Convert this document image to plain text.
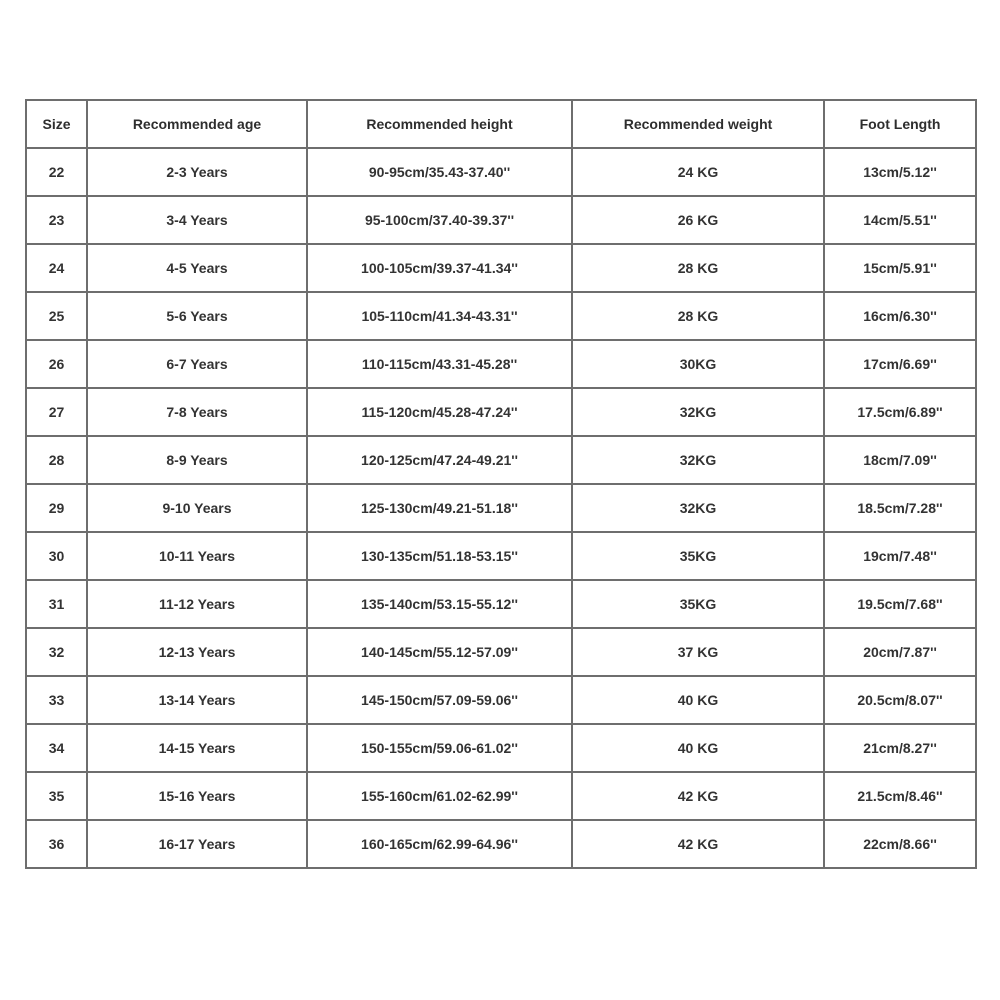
Size	Recommended age	Recommended height	Recommended weight	Foot Length
22	2-3 Years	90-95cm/35.43-37.40''	24 KG	13cm/5.12''
23	3-4 Years	95-100cm/37.40-39.37''	26 KG	14cm/5.51''
24	4-5 Years	100-105cm/39.37-41.34''	28 KG	15cm/5.91''
25	5-6 Years	105-110cm/41.34-43.31''	28 KG	16cm/6.30''
26	6-7 Years	110-115cm/43.31-45.28''	30KG	17cm/6.69''
27	7-8 Years	115-120cm/45.28-47.24''	32KG	17.5cm/6.89''
28	8-9 Years	120-125cm/47.24-49.21''	32KG	18cm/7.09''
29	9-10 Years	125-130cm/49.21-51.18''	32KG	18.5cm/7.28''
30	10-11 Years	130-135cm/51.18-53.15''	35KG	19cm/7.48''
31	11-12 Years	135-140cm/53.15-55.12''	35KG	19.5cm/7.68''
32	12-13 Years	140-145cm/55.12-57.09''	37 KG	20cm/7.87''
33	13-14 Years	145-150cm/57.09-59.06''	40 KG	20.5cm/8.07''
34	14-15 Years	150-155cm/59.06-61.02''	40 KG	21cm/8.27''
35	15-16 Years	155-160cm/61.02-62.99''	42 KG	21.5cm/8.46''
36	16-17 Years	160-165cm/62.99-64.96''	42 KG	22cm/8.66''
